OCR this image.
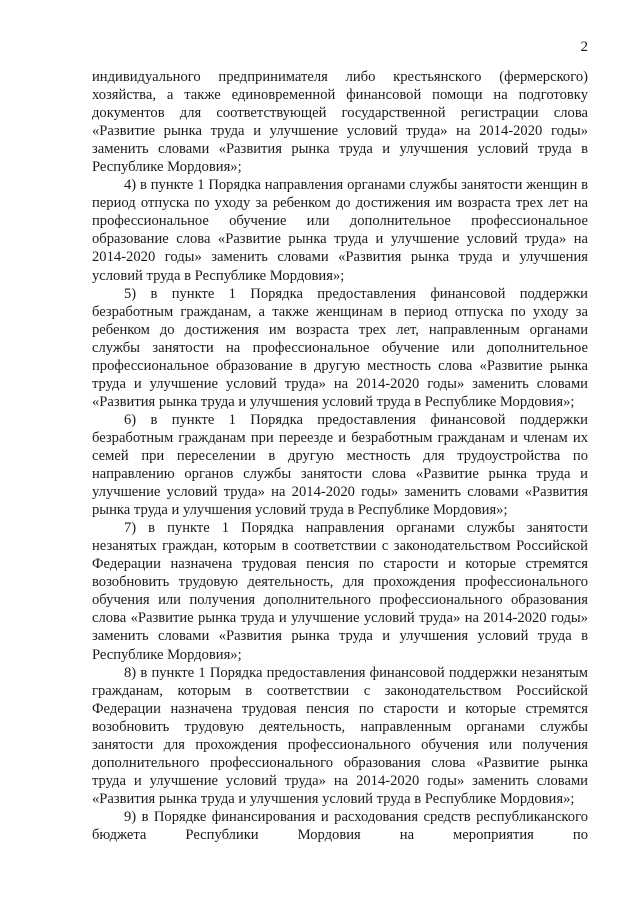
2

индивидуального предпринимателя либо крестьянского (фермерского) хозяйства, а также единовременной финансовой помощи на подготовку документов для соответствующей государственной регистрации слова «Развитие рынка труда и улучшение условий труда» на 2014-2020 годы» заменить словами «Развития рынка труда и улучшения условий труда в Республике Мордовия»;

4) в пункте 1 Порядка направления органами службы занятости женщин в период отпуска по уходу за ребенком до достижения им возраста трех лет на профессиональное обучение или дополнительное профессиональное образование слова «Развитие рынка труда и улучшение условий труда» на 2014-2020 годы» заменить словами «Развития рынка труда и улучшения условий труда в Республике Мордовия»;

5) в пункте 1 Порядка предоставления финансовой поддержки безработным гражданам, а также женщинам в период отпуска по уходу за ребенком до достижения им возраста трех лет, направленным органами службы занятости на профессиональное обучение или дополнительное профессиональное образование в другую местность слова «Развитие рынка труда и улучшение условий труда» на 2014-2020 годы» заменить словами «Развития рынка труда и улучшения условий труда в Республике Мордовия»;

6) в пункте 1 Порядка предоставления финансовой поддержки безработным гражданам при переезде и безработным гражданам и членам их семей при переселении в другую местность для трудоустройства по направлению органов службы занятости слова «Развитие рынка труда и улучшение условий труда» на 2014-2020 годы» заменить словами «Развития рынка труда и улучшения условий труда в Республике Мордовия»;

7) в пункте 1 Порядка направления органами службы занятости незанятых граждан, которым в соответствии с законодательством Российской Федерации назначена трудовая пенсия по старости и которые стремятся возобновить трудовую деятельность, для прохождения профессионального обучения или получения дополнительного профессионального образования слова «Развитие рынка труда и улучшение условий труда» на 2014-2020 годы» заменить словами «Развития рынка труда и улучшения условий труда в Республике Мордовия»;

8) в пункте 1 Порядка предоставления финансовой поддержки незанятым гражданам, которым в соответствии с законодательством Российской Федерации назначена трудовая пенсия по старости и которые стремятся возобновить трудовую деятельность, направленным органами службы занятости для прохождения профессионального обучения или получения дополнительного профессионального образования слова «Развитие рынка труда и улучшение условий труда» на 2014-2020 годы» заменить словами «Развития рынка труда и улучшения условий труда в Республике Мордовия»;

9) в Порядке финансирования и расходования средств республиканского бюджета Республики Мордовия на мероприятия по
